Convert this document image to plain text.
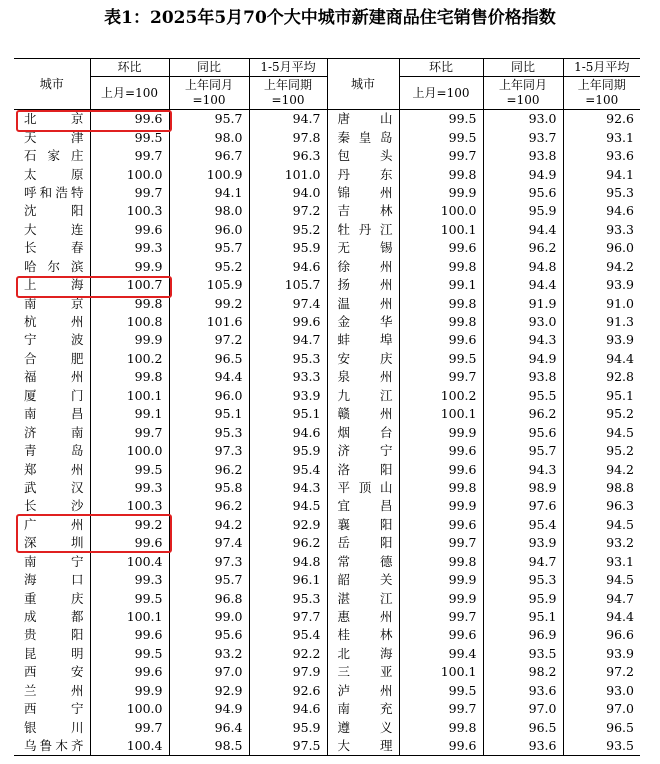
表1：2025年5月70个大中城市新建商品住宅销售价格指数
城市	环比	同比	1-5月平均	城市	环比	同比	1-5月平均
	上月=100	上年同月
=100	上年同期
=100		上月=100	上年同月
=100	上年同期
=100
北　京	99.6	95.7	94.7	唐　山	99.5	93.0	92.6
天　津	99.5	98.0	97.8	秦皇岛	99.5	93.7	93.1
石家庄	99.7	96.7	96.3	包　头	99.7	93.8	93.6
太　原	100.0	100.9	101.0	丹　东	99.8	94.9	94.1
呼和浩特	99.7	94.1	94.0	锦　州	99.9	95.6	95.3
沈　阳	100.3	98.0	97.2	吉　林	100.0	95.9	94.6
大　连	99.6	96.0	95.2	牡丹江	100.1	94.4	93.3
长　春	99.3	95.7	95.9	无　锡	99.6	96.2	96.0
哈尔滨	99.9	95.2	94.6	徐　州	99.8	94.8	94.2
上　海	100.7	105.9	105.7	扬　州	99.1	94.4	93.9
南　京	99.8	99.2	97.4	温　州	99.8	91.9	91.0
杭　州	100.8	101.6	99.6	金　华	99.8	93.0	91.3
宁　波	99.9	97.2	94.7	蚌　埠	99.6	94.3	93.9
合　肥	100.2	96.5	95.3	安　庆	99.5	94.9	94.4
福　州	99.8	94.4	93.3	泉　州	99.7	93.8	92.8
厦　门	100.1	96.0	93.9	九　江	100.2	95.5	95.1
南　昌	99.1	95.1	95.1	赣　州	100.1	96.2	95.2
济　南	99.7	95.3	94.6	烟　台	99.9	95.6	94.5
青　岛	100.0	97.3	95.9	济　宁	99.6	95.7	95.2
郑　州	99.5	96.2	95.4	洛　阳	99.6	94.3	94.2
武　汉	99.3	95.8	94.3	平顶山	99.8	98.9	98.8
长　沙	100.3	96.2	94.5	宜　昌	99.9	97.6	96.3
广　州	99.2	94.2	92.9	襄　阳	99.6	95.4	94.5
深　圳	99.6	97.4	96.2	岳　阳	99.7	93.9	93.2
南　宁	100.4	97.3	94.8	常　德	99.8	94.7	93.1
海　口	99.3	95.7	96.1	韶　关	99.9	95.3	94.5
重　庆	99.5	96.8	95.3	湛　江	99.9	95.9	94.7
成　都	100.1	99.0	97.7	惠　州	99.7	95.1	94.4
贵　阳	99.6	95.6	95.4	桂　林	99.6	96.9	96.6
昆　明	99.5	93.2	92.2	北　海	99.4	93.5	93.9
西　安	99.6	97.0	97.9	三　亚	100.1	98.2	97.2
兰　州	99.9	92.9	92.6	泸　州	99.5	93.6	93.0
西　宁	100.0	94.9	94.6	南　充	99.7	97.0	97.0
银　川	99.7	96.4	95.9	遵　义	99.8	96.5	96.5
乌鲁木齐	100.4	98.5	97.5	大　理	99.6	93.6	93.5
